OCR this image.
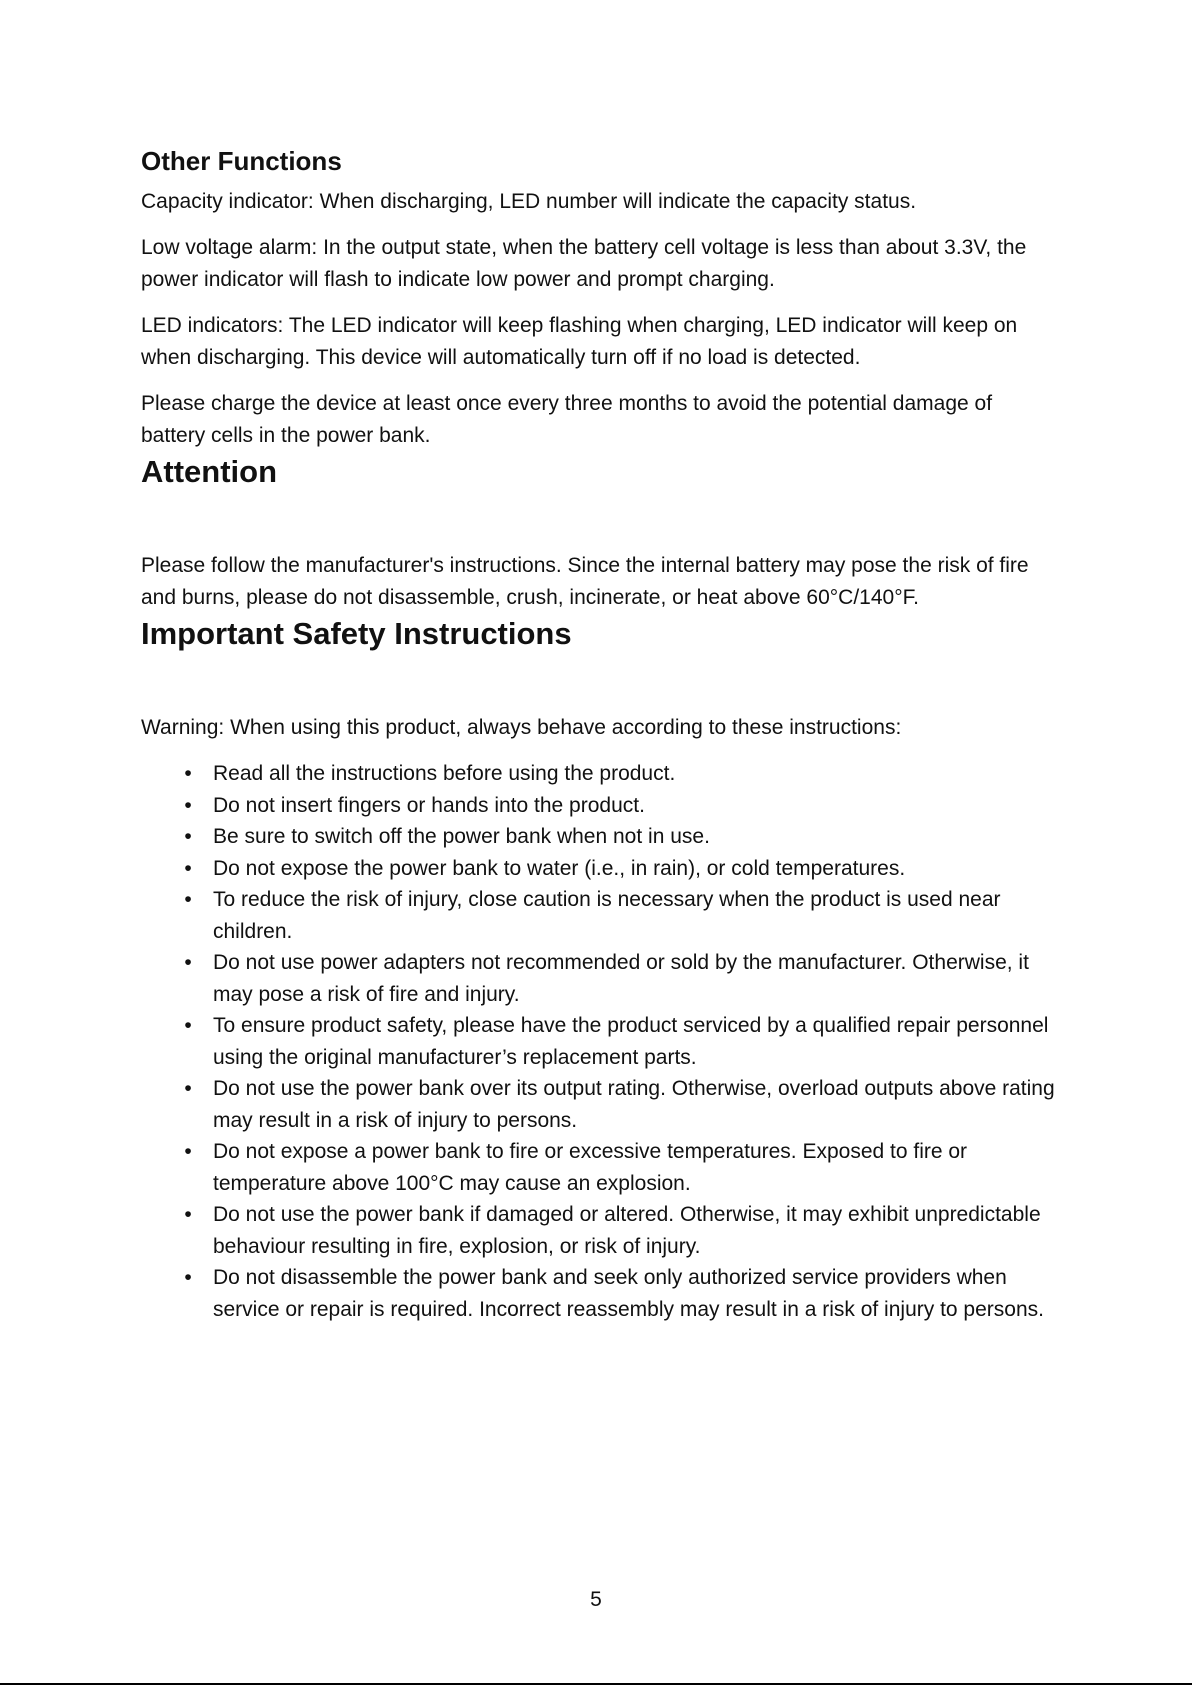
Other Functions

Capacity indicator: When discharging, LED number will indicate the capacity status.

Low voltage alarm: In the output state, when the battery cell voltage is less than about 3.3V, the power indicator will flash to indicate low power and prompt charging.

LED indicators: The LED indicator will keep flashing when charging, LED indicator will keep on when discharging. This device will automatically turn off if no load is detected.

Please charge the device at least once every three months to avoid the potential damage of battery cells in the power bank.

Attention

Please follow the manufacturer's instructions. Since the internal battery may pose the risk of fire and burns, please do not disassemble, crush, incinerate, or heat above 60°C/140°F.

Important Safety Instructions

Warning: When using this product, always behave according to these instructions:

• Read all the instructions before using the product.
• Do not insert fingers or hands into the product.
• Be sure to switch off the power bank when not in use.
• Do not expose the power bank to water (i.e., in rain), or cold temperatures.
• To reduce the risk of injury, close caution is necessary when the product is used near children.
• Do not use power adapters not recommended or sold by the manufacturer. Otherwise, it may pose a risk of fire and injury.
• To ensure product safety, please have the product serviced by a qualified repair personnel using the original manufacturer’s replacement parts.
• Do not use the power bank over its output rating. Otherwise, overload outputs above rating may result in a risk of injury to persons.
• Do not expose a power bank to fire or excessive temperatures. Exposed to fire or temperature above 100°C may cause an explosion.
• Do not use the power bank if damaged or altered. Otherwise, it may exhibit unpredictable behaviour resulting in fire, explosion, or risk of injury.
• Do not disassemble the power bank and seek only authorized service providers when service or repair is required. Incorrect reassembly may result in a risk of injury to persons.
5
